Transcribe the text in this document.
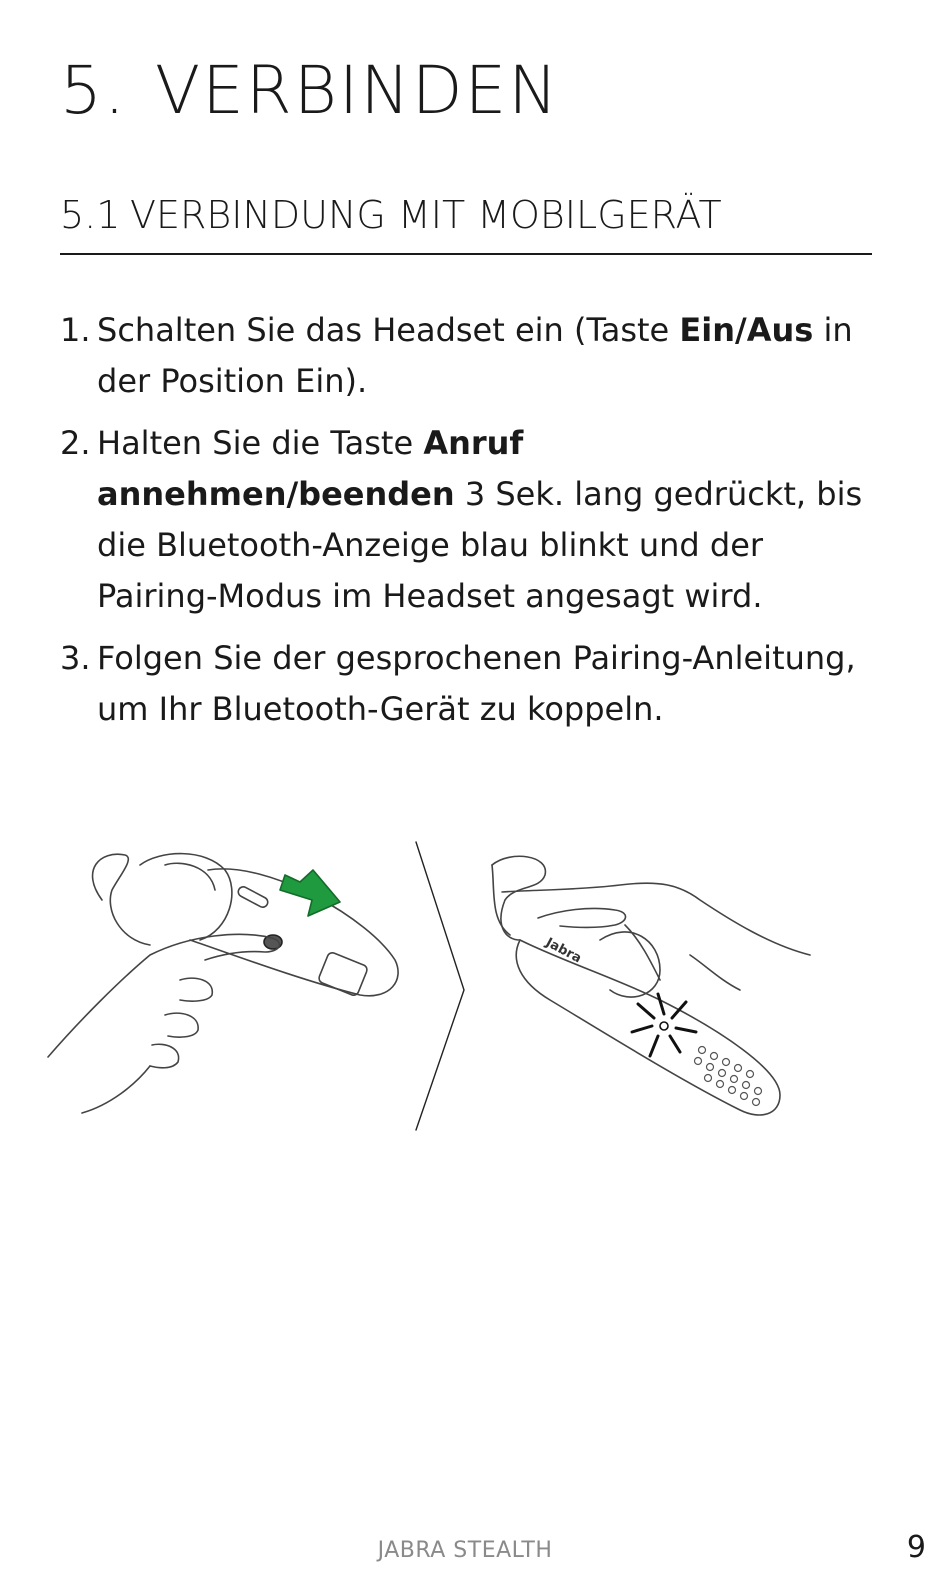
5. VERBINDEN
5.1 VERBINDUNG MIT MOBILGERÄT
1. Schalten Sie das Headset ein (Taste Ein/Aus in der Position Ein).
2. Halten Sie die Taste Anruf annehmen/beenden 3 Sek. lang gedrückt, bis die Bluetooth-Anzeige blau blinkt und der Pairing-Modus im Headset angesagt wird.
3. Folgen Sie der gesprochenen Pairing-Anleitung, um Ihr Bluetooth-Gerät zu koppeln.
Jabra
JABRA STEALTH	9
